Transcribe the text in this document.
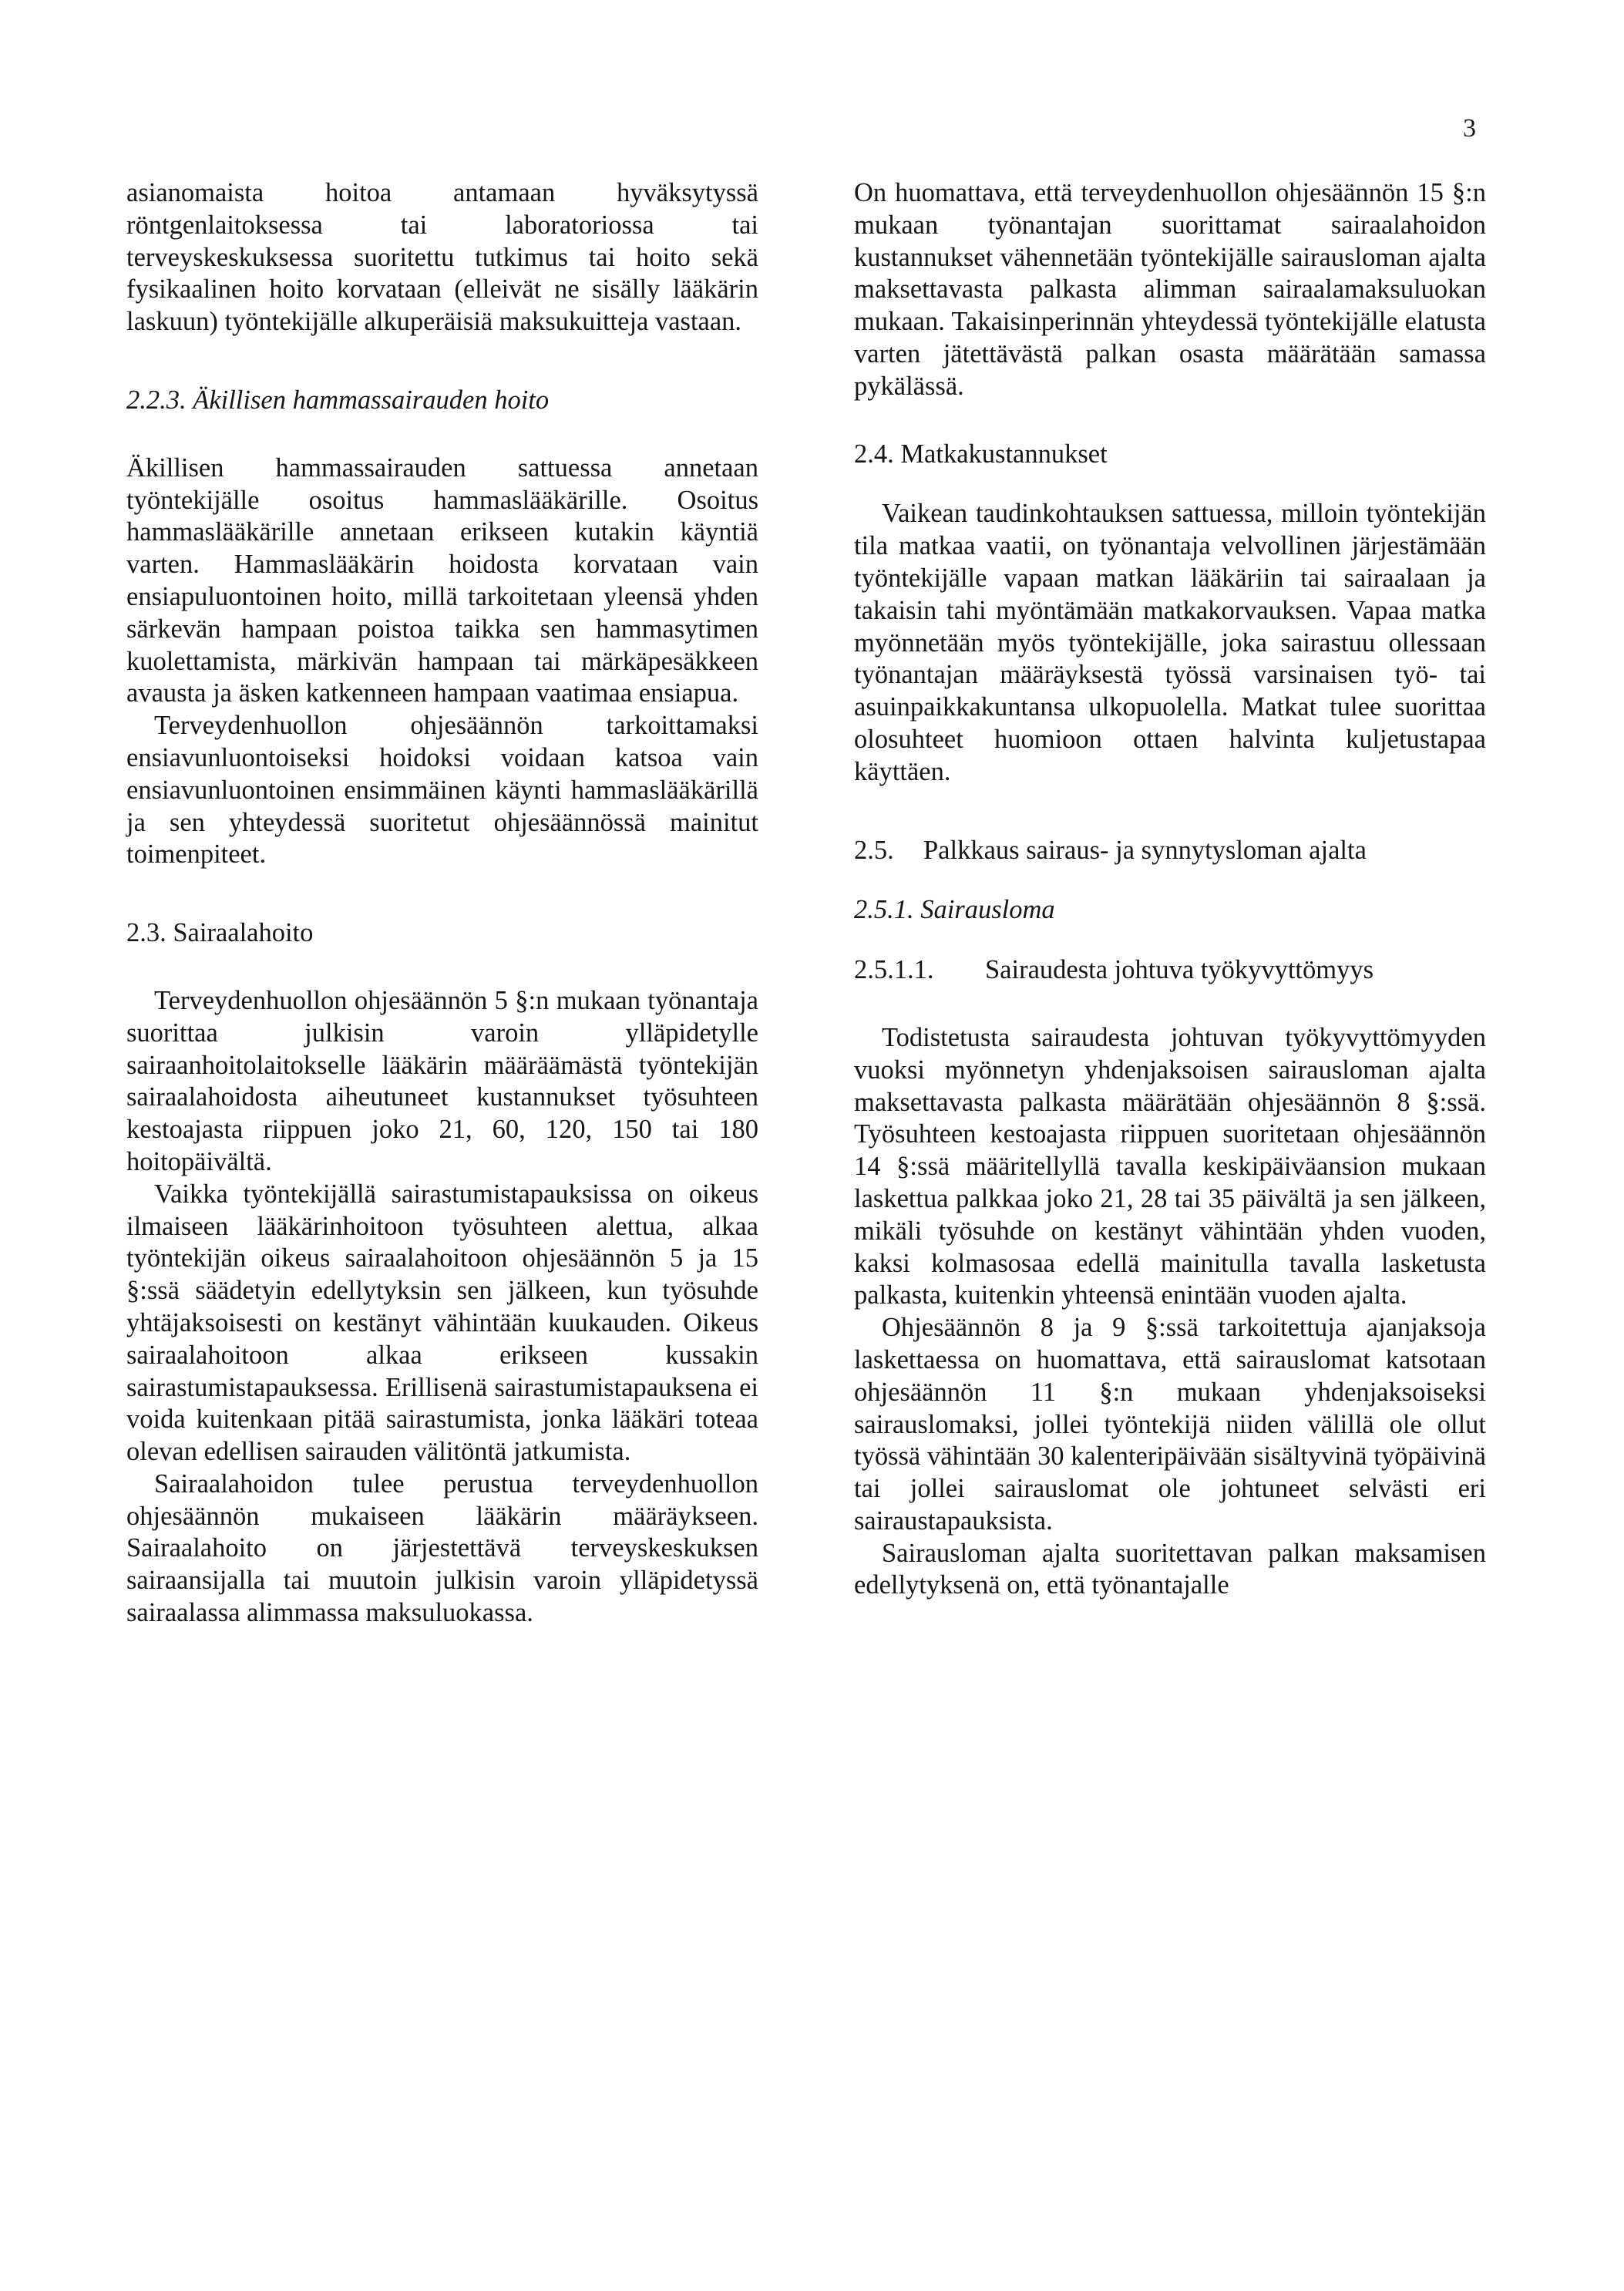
3

asianomaista hoitoa antamaan hyväksytyssä röntgenlaitoksessa tai laboratoriossa tai terveyskeskuksessa suoritettu tutkimus tai hoito sekä fysikaalinen hoito korvataan (elleivät ne sisälly lääkärin laskuun) työntekijälle alkuperäisiä maksukuitteja vastaan.

2.2.3. Äkillisen hammassairauden hoito

Äkillisen hammassairauden sattuessa annetaan työntekijälle osoitus hammaslääkärille. Osoitus hammaslääkärille annetaan erikseen kutakin käyntiä varten. Hammaslääkärin hoidosta korvataan vain ensiapuluontoinen hoito, millä tarkoitetaan yleensä yhden särkevän hampaan poistoa taikka sen hammasytimen kuolettamista, märkivän hampaan tai märkäpesäkkeen avausta ja äsken katkenneen hampaan vaatimaa ensiapua.

Terveydenhuollon ohjesäännön tarkoittamaksi ensiavunluontoiseksi hoidoksi voidaan katsoa vain ensiavunluontoinen ensimmäinen käynti hammaslääkärillä ja sen yhteydessä suoritetut ohjesäännössä mainitut toimenpiteet.

2.3. Sairaalahoito

Terveydenhuollon ohjesäännön 5 §:n mukaan työnantaja suorittaa julkisin varoin ylläpidetylle sairaanhoitolaitokselle lääkärin määräämästä työntekijän sairaalahoidosta aiheutuneet kustannukset työsuhteen kestoajasta riippuen joko 21, 60, 120, 150 tai 180 hoitopäivältä.

Vaikka työntekijällä sairastumistapauksissa on oikeus ilmaiseen lääkärinhoitoon työsuhteen alettua, alkaa työntekijän oikeus sairaalahoitoon ohjesäännön 5 ja 15 §:ssä säädetyin edellytyksin sen jälkeen, kun työsuhde yhtäjaksoisesti on kestänyt vähintään kuukauden. Oikeus sairaalahoitoon alkaa erikseen kussakin sairastumistapauksessa. Erillisenä sairastumistapauksena ei voida kuitenkaan pitää sairastumista, jonka lääkäri toteaa olevan edellisen sairauden välitöntä jatkumista.

Sairaalahoidon tulee perustua terveydenhuollon ohjesäännön mukaiseen lääkärin määräykseen. Sairaalahoito on järjestettävä terveyskeskuksen sairaansijalla tai muutoin julkisin varoin ylläpidetyssä sairaalassa alimmassa maksuluokassa.

On huomattava, että terveydenhuollon ohjesäännön 15 §:n mukaan työnantajan suorittamat sairaalahoidon kustannukset vähennetään työntekijälle sairausloman ajalta maksettavasta palkasta alimman sairaalamaksuluokan mukaan. Takaisinperinnän yhteydessä työntekijälle elatusta varten jätettävästä palkan osasta määrätään samassa pykälässä.

2.4. Matkakustannukset

Vaikean taudinkohtauksen sattuessa, milloin työntekijän tila matkaa vaatii, on työnantaja velvollinen järjestämään työntekijälle vapaan matkan lääkäriin tai sairaalaan ja takaisin tahi myöntämään matkakorvauksen. Vapaa matka myönnetään myös työntekijälle, joka sairastuu ollessaan työnantajan määräyksestä työssä varsinaisen työ- tai asuinpaikkakuntansa ulkopuolella. Matkat tulee suorittaa olosuhteet huomioon ottaen halvinta kuljetustapaa käyttäen.

2.5.	Palkkaus sairaus- ja synnytysloman ajalta
2.5.1. Sairausloma
2.5.1.1.	Sairaudesta johtuva työkyvyttömyys

Todistetusta sairaudesta johtuvan työkyvyttömyyden vuoksi myönnetyn yhdenjaksoisen sairausloman ajalta maksettavasta palkasta määrätään ohjesäännön 8 §:ssä. Työsuhteen kestoajasta riippuen suoritetaan ohjesäännön 14 §:ssä määritellyllä tavalla keskipäiväansion mukaan laskettua palkkaa joko 21, 28 tai 35 päivältä ja sen jälkeen, mikäli työsuhde on kestänyt vähintään yhden vuoden, kaksi kolmasosaa edellä mainitulla tavalla lasketusta palkasta, kuitenkin yhteensä enintään vuoden ajalta.

Ohjesäännön 8 ja 9 §:ssä tarkoitettuja ajanjaksoja laskettaessa on huomattava, että sairauslomat katsotaan ohjesäännön 11 §:n mukaan yhdenjaksoiseksi sairauslomaksi, jollei työntekijä niiden välillä ole ollut työssä vähintään 30 kalenteripäivään sisältyvinä työpäivinä tai jollei sairauslomat ole johtuneet selvästi eri sairaustapauksista.

Sairausloman ajalta suoritettavan palkan maksamisen edellytyksenä on, että työnantajalle
